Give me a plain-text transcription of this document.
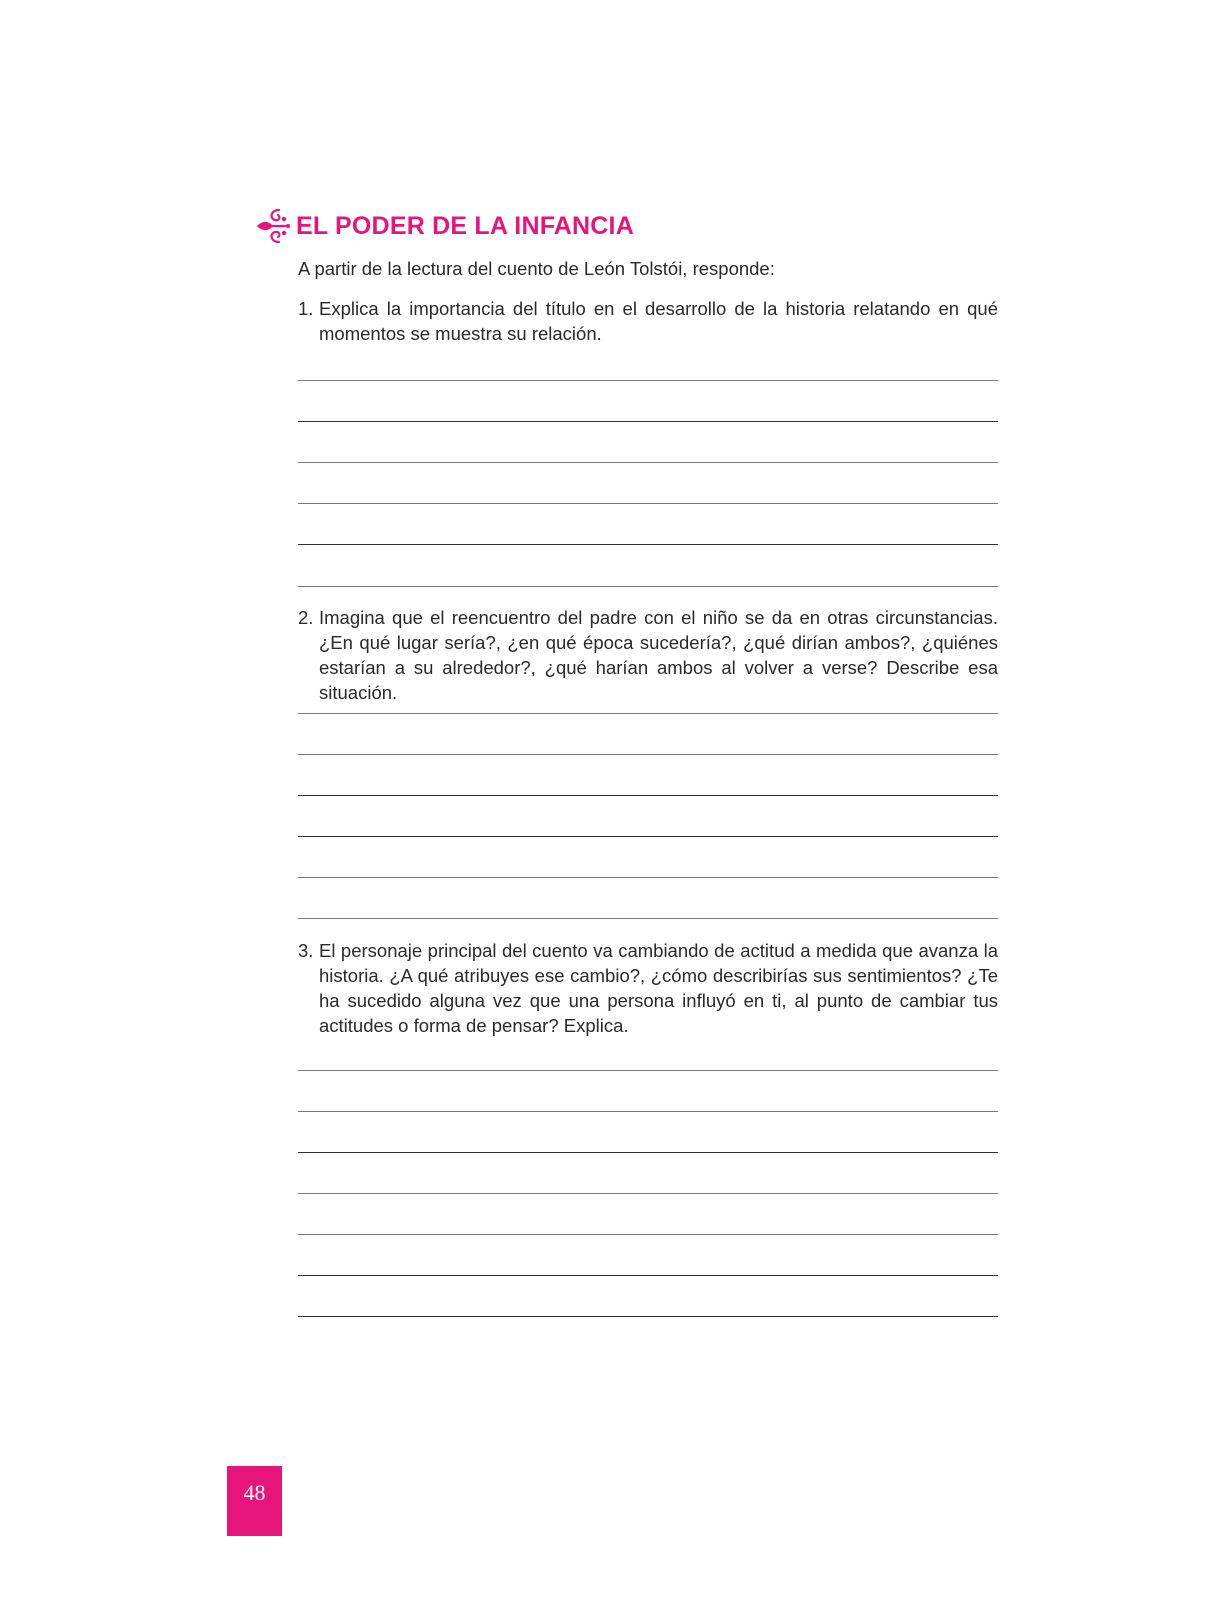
EL PODER DE LA INFANCIA
A partir de la lectura del cuento de León Tolstói, responde:
1. Explica la importancia del título en el desarrollo de la historia relatando en qué momentos se muestra su relación.
2. Imagina que el reencuentro del padre con el niño se da en otras circunstancias. ¿En qué lugar sería?, ¿en qué época sucedería?, ¿qué dirían ambos?, ¿quiénes estarían a su alrededor?, ¿qué harían ambos al volver a verse? Describe esa situación.
3. El personaje principal del cuento va cambiando de actitud a medida que avanza la historia. ¿A qué atribuyes ese cambio?, ¿cómo describirías sus sentimientos? ¿Te ha sucedido alguna vez que una persona influyó en ti, al punto de cambiar tus actitudes o forma de pensar? Explica.
48
